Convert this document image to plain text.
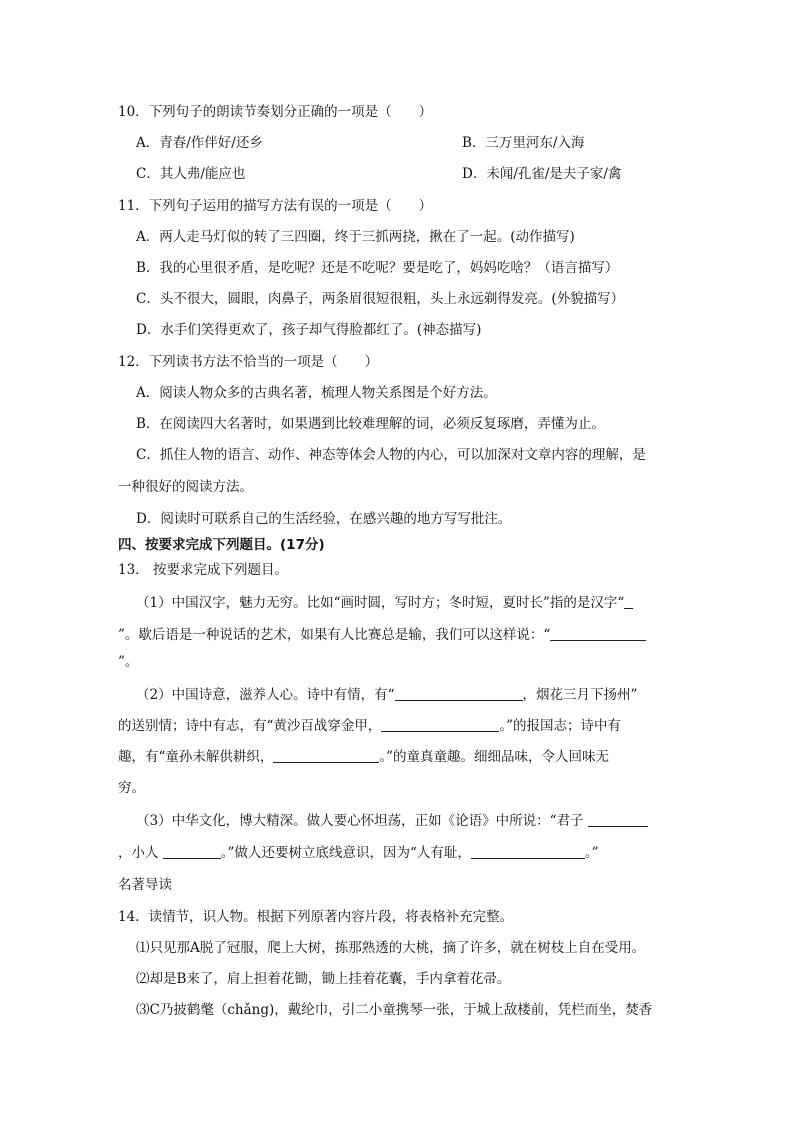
10．下列句子的朗读节奏划分正确的一项是（　　）
A．青春/作伴好/还乡	B．三万里河东/入海
C．其人弗/能应也	D．未闻/孔雀/是夫子家/禽
11．下列句子运用的描写方法有误的一项是（　　）
A．两人走马灯似的转了三四圈，终于三抓两挠，揪在了一起。(动作描写)
B．我的心里很矛盾，是吃呢？还是不吃呢？要是吃了，妈妈吃啥？（语言描写）
C．头不很大，圆眼，肉鼻子，两条眉很短很粗，头上永远剃得发亮。(外貌描写）
D．水手们笑得更欢了，孩子却气得脸都红了。(神态描写)
12．下列读书方法不恰当的一项是（　　）
A．阅读人物众多的古典名著，梳理人物关系图是个好方法。
B．在阅读四大名著时，如果遇到比较难理解的词，必须反复琢磨，弄懂为止。
C．抓住人物的语言、动作、神态等体会人物的内心，可以加深对文章内容的理解，是
一种很好的阅读方法。
D．阅读时可联系自己的生活经验，在感兴趣的地方写写批注。
四、按要求完成下列题目。(17分)
13． 按要求完成下列题目。
（1）中国汉字，魅力无穷。比如“画时圆，写时方；冬时短，夏时长”指的是汉字“
”。歇后语是一种说话的艺术，如果有人比赛总是输，我们可以这样说：“
”。
（2）中国诗意，滋养人心。诗中有情，有“	，烟花三月下扬州”
的送别情；诗中有志，有“黄沙百战穿金甲，	。”的报国志；诗中有
趣，有“童孙未解供耕织，	。”的童真童趣。细细品味，令人回味无
穷。
（3）中华文化，博大精深。做人要心怀坦荡，正如《论语》中所说：“君子
，小人	。”做人还要树立底线意识，因为“人有耻，	。”
名著导读
14．读情节，识人物。根据下列原著内容片段，将表格补充完整。
⑴只见那A脱了冠服，爬上大树，拣那熟透的大桃，摘了许多，就在树枝上自在受用。
⑵却是B来了，肩上担着花锄，锄上挂着花囊，手内拿着花帚。
⑶C乃披鹤氅（chǎng)，戴纶巾，引二小童携琴一张，于城上敌楼前，凭栏而坐，焚香
